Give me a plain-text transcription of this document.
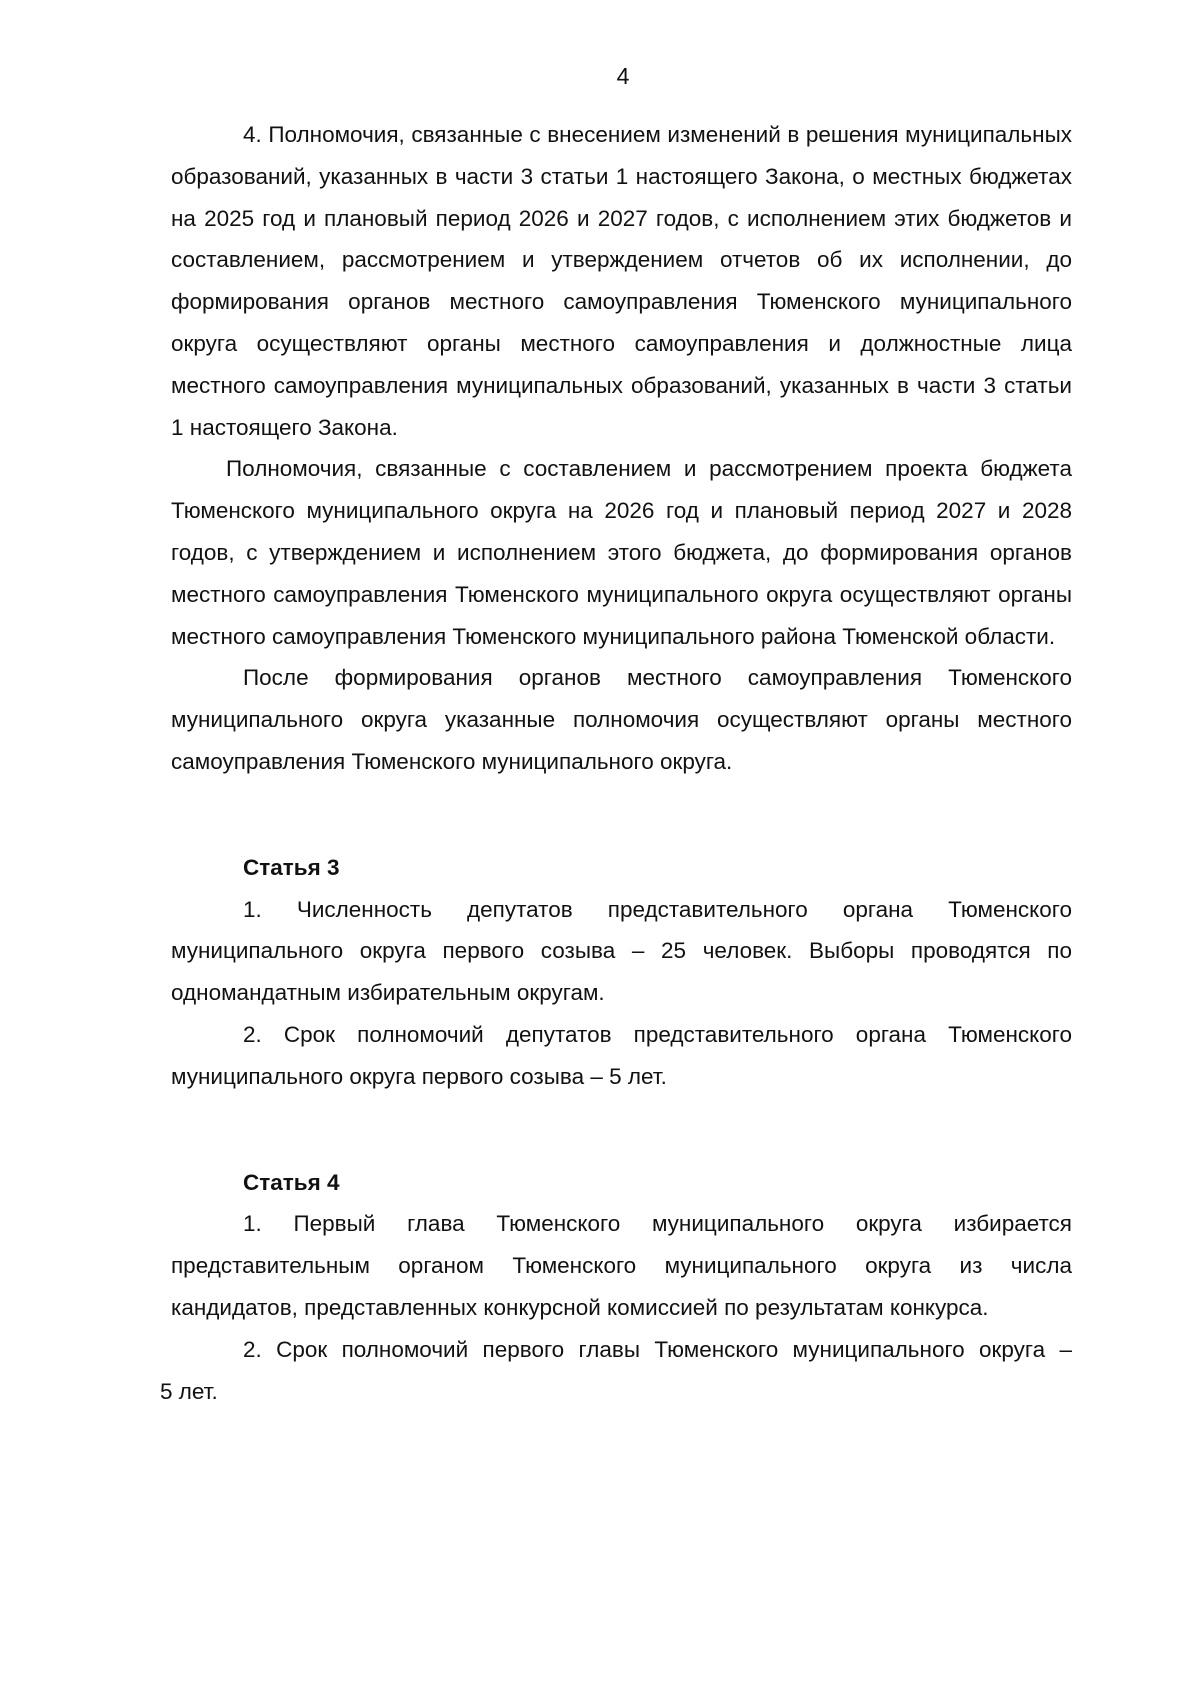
4

4. Полномочия, связанные с внесением изменений в решения муниципальных образований, указанных в части 3 статьи 1 настоящего Закона, о местных бюджетах на 2025 год и плановый период 2026 и 2027 годов, с исполнением этих бюджетов и составлением, рассмотрением и утверждением отчетов об их исполнении, до формирования органов местного самоуправления Тюменского муниципального округа осуществляют органы местного самоуправления и должностные лица местного самоуправления муниципальных образований, указанных в части 3 статьи 1 настоящего Закона.

Полномочия, связанные с составлением и рассмотрением проекта бюджета Тюменского муниципального округа на 2026 год и плановый период 2027 и 2028 годов, с утверждением и исполнением этого бюджета, до формирования органов местного самоуправления Тюменского муниципального округа осуществляют органы местного самоуправления Тюменского муниципального района Тюменской области.

После формирования органов местного самоуправления Тюменского муниципального округа указанные полномочия осуществляют органы местного самоуправления Тюменского муниципального округа.

Статья 3

1. Численность депутатов представительного органа Тюменского муниципального округа первого созыва – 25 человек. Выборы проводятся по одномандатным избирательным округам.

2. Срок полномочий депутатов представительного органа Тюменского муниципального округа первого созыва – 5 лет.

Статья 4

1. Первый глава Тюменского муниципального округа избирается представительным органом Тюменского муниципального округа из числа кандидатов, представленных конкурсной комиссией по результатам конкурса.

2. Срок полномочий первого главы Тюменского муниципального округа –

5 лет.
